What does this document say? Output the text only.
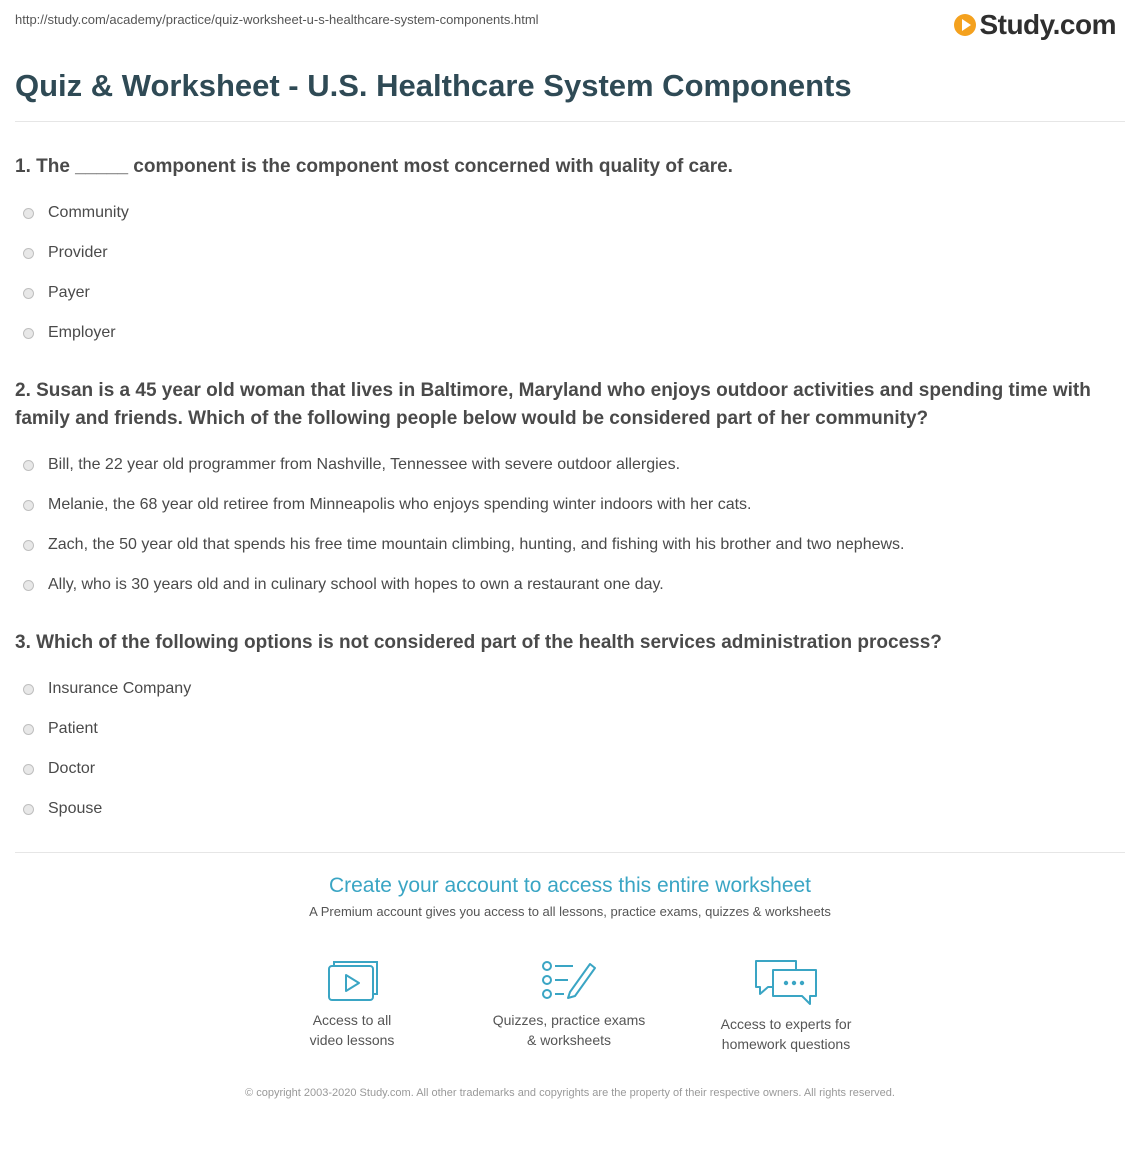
http://study.com/academy/practice/quiz-worksheet-u-s-healthcare-system-components.html	Study.com
Quiz & Worksheet - U.S. Healthcare System Components

1. The _____ component is the component most concerned with quality of care.

Community
Provider
Payer
Employer

2. Susan is a 45 year old woman that lives in Baltimore, Maryland who enjoys outdoor activities and spending time with family and friends. Which of the following people below would be considered part of her community?

Bill, the 22 year old programmer from Nashville, Tennessee with severe outdoor allergies.
Melanie, the 68 year old retiree from Minneapolis who enjoys spending winter indoors with her cats.
Zach, the 50 year old that spends his free time mountain climbing, hunting, and fishing with his brother and two nephews.
Ally, who is 30 years old and in culinary school with hopes to own a restaurant one day.

3. Which of the following options is not considered part of the health services administration process?

Insurance Company
Patient
Doctor
Spouse
Create your account to access this entire worksheet
A Premium account gives you access to all lessons, practice exams, quizzes & worksheets
Access to all
video lessons
Quizzes, practice exams
& worksheets
Access to experts for
homework questions
© copyright 2003-2020 Study.com. All other trademarks and copyrights are the property of their respective owners. All rights reserved.
